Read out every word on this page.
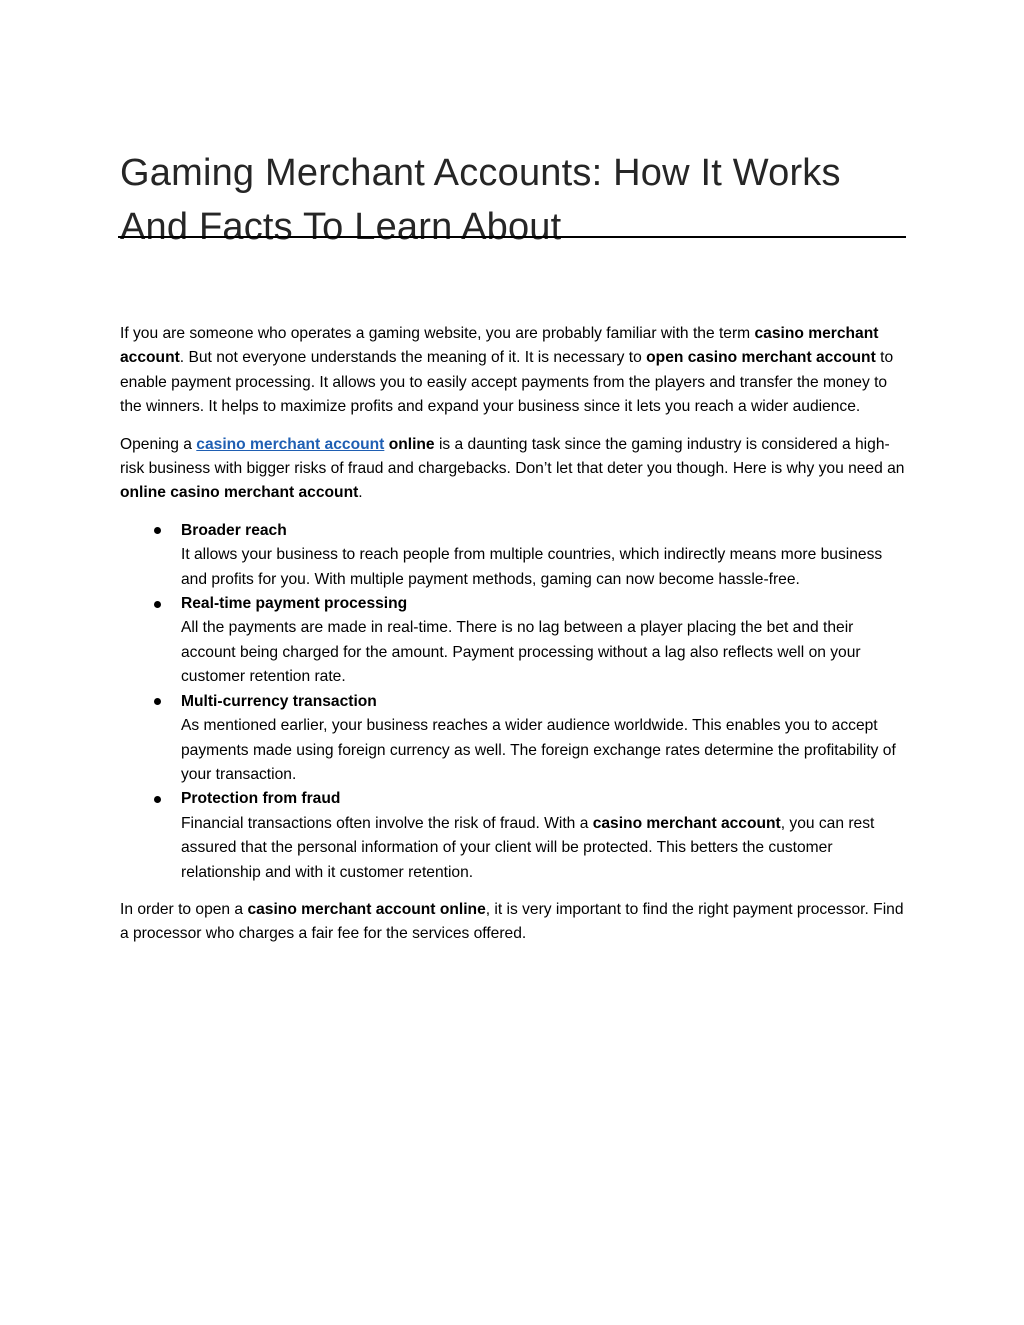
Gaming Merchant Accounts: How It Works
And Facts To Learn About

If you are someone who operates a gaming website, you are probably familiar with the term casino merchant account. But not everyone understands the meaning of it. It is necessary to open casino merchant account to enable payment processing. It allows you to easily accept payments from the players and transfer the money to the winners. It helps to maximize profits and expand your business since it lets you reach a wider audience.

Opening a casino merchant account online is a daunting task since the gaming industry is considered a high-risk business with bigger risks of fraud and chargebacks. Don’t let that deter you though. Here is why you need an online casino merchant account.

Broader reach
It allows your business to reach people from multiple countries, which indirectly means more business and profits for you. With multiple payment methods, gaming can now become hassle-free.
Real-time payment processing
All the payments are made in real-time. There is no lag between a player placing the bet and their account being charged for the amount. Payment processing without a lag also reflects well on your customer retention rate.
Multi-currency transaction
As mentioned earlier, your business reaches a wider audience worldwide. This enables you to accept payments made using foreign currency as well. The foreign exchange rates determine the profitability of your transaction.
Protection from fraud
Financial transactions often involve the risk of fraud. With a casino merchant account, you can rest assured that the personal information of your client will be protected. This betters the customer relationship and with it customer retention.

In order to open a casino merchant account online, it is very important to find the right payment processor. Find a processor who charges a fair fee for the services offered.
